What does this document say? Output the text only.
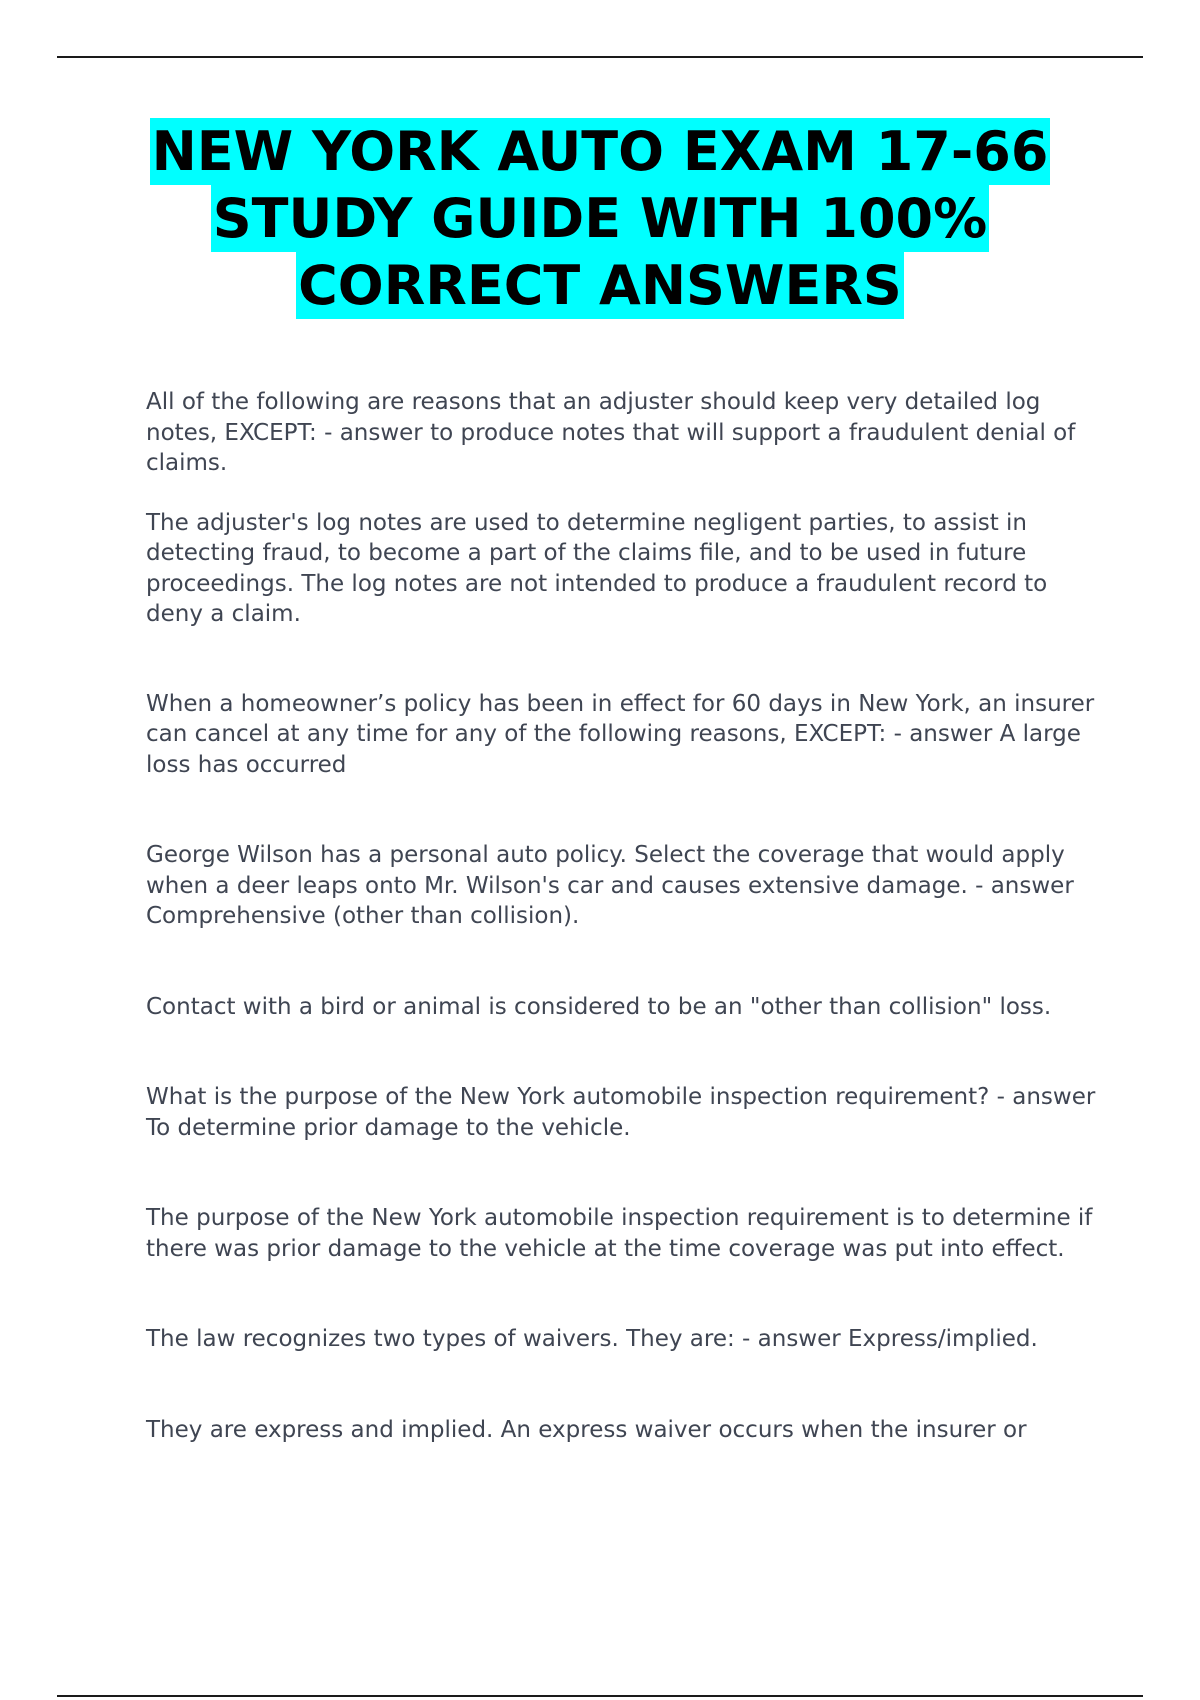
NEW YORK AUTO EXAM 17-66
STUDY GUIDE WITH 100%
CORRECT ANSWERS

All of the following are reasons that an adjuster should keep very detailed log notes, EXCEPT: - answer to produce notes that will support a fraudulent denial of claims.

The adjuster's log notes are used to determine negligent parties, to assist in detecting fraud, to become a part of the claims file, and to be used in future proceedings. The log notes are not intended to produce a fraudulent record to deny a claim.

When a homeowner’s policy has been in effect for 60 days in New York, an insurer can cancel at any time for any of the following reasons, EXCEPT: - answer A large loss has occurred

George Wilson has a personal auto policy. Select the coverage that would apply when a deer leaps onto Mr. Wilson's car and causes extensive damage. - answer Comprehensive (other than collision).

Contact with a bird or animal is considered to be an "other than collision" loss.

What is the purpose of the New York automobile inspection requirement? - answer To determine prior damage to the vehicle.

The purpose of the New York automobile inspection requirement is to determine if there was prior damage to the vehicle at the time coverage was put into effect.

The law recognizes two types of waivers. They are: - answer Express/implied.

They are express and implied. An express waiver occurs when the insurer or
